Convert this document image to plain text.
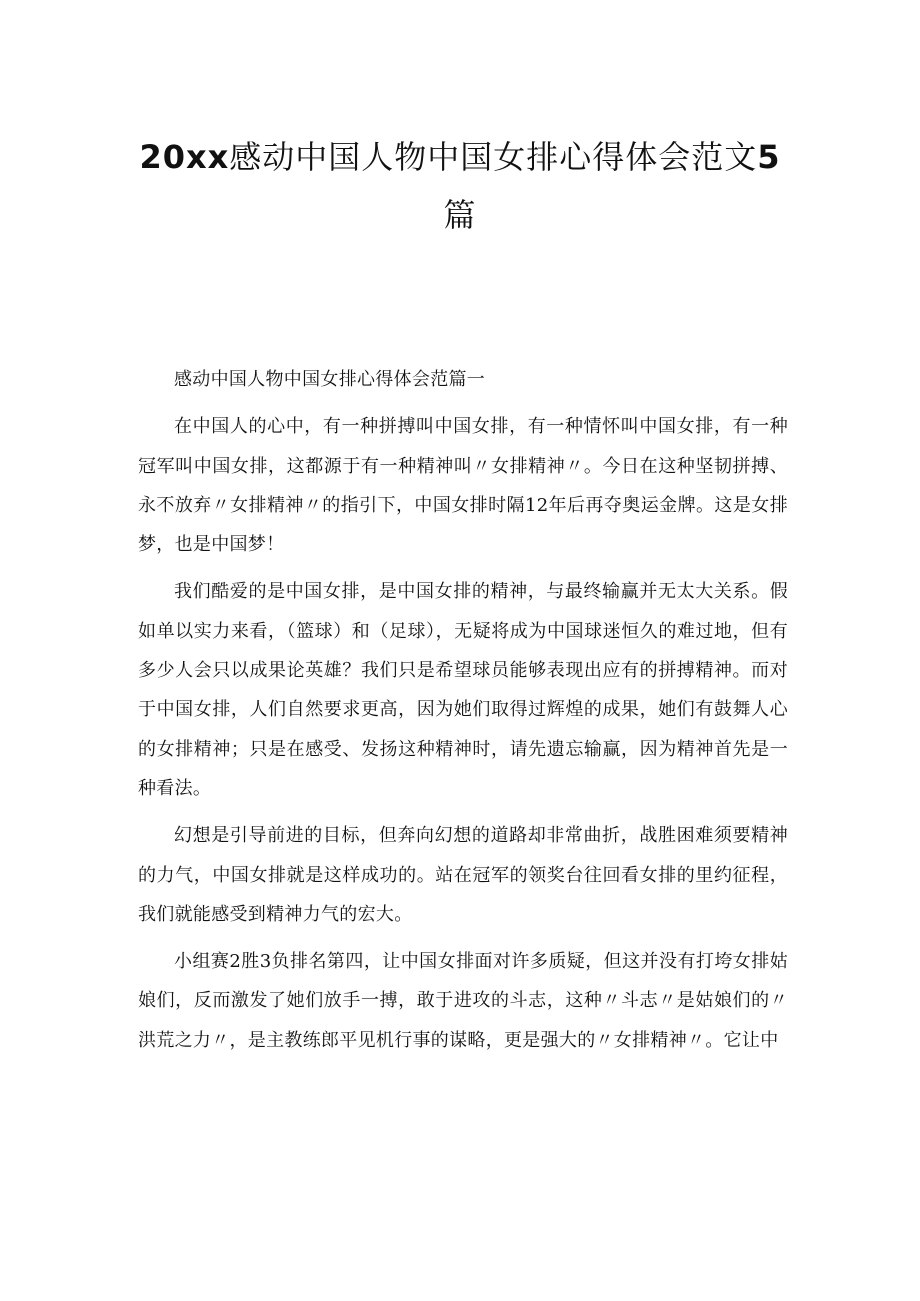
20xx感动中国人物中国女排心得体会范文5
篇

感动中国人物中国女排心得体会范篇一

在中国人的心中，有一种拼搏叫中国女排，有一种情怀叫中国女排，有一种冠军叫中国女排，这都源于有一种精神叫〃女排精神〃。今日在这种坚韧拼搏、永不放弃〃女排精神〃的指引下，中国女排时隔12年后再夺奥运金牌。这是女排梦，也是中国梦！

我们酷爱的是中国女排，是中国女排的精神，与最终输赢并无太大关系。假如单以实力来看，（篮球）和（足球），无疑将成为中国球迷恒久的难过地，但有多少人会只以成果论英雄？我们只是希望球员能够表现出应有的拼搏精神。而对于中国女排，人们自然要求更高，因为她们取得过辉煌的成果，她们有鼓舞人心的女排精神；只是在感受、发扬这种精神时，请先遗忘输赢，因为精神首先是一种看法。

幻想是引导前进的目标，但奔向幻想的道路却非常曲折，战胜困难须要精神的力气，中国女排就是这样成功的。站在冠军的领奖台往回看女排的里约征程，我们就能感受到精神力气的宏大。

小组赛2胜3负排名第四，让中国女排面对许多质疑，但这并没有打垮女排姑娘们，反而激发了她们放手一搏，敢于进攻的斗志，这种〃斗志〃是姑娘们的〃洪荒之力〃，是主教练郎平见机行事的谋略，更是强大的〃女排精神〃。它让中
